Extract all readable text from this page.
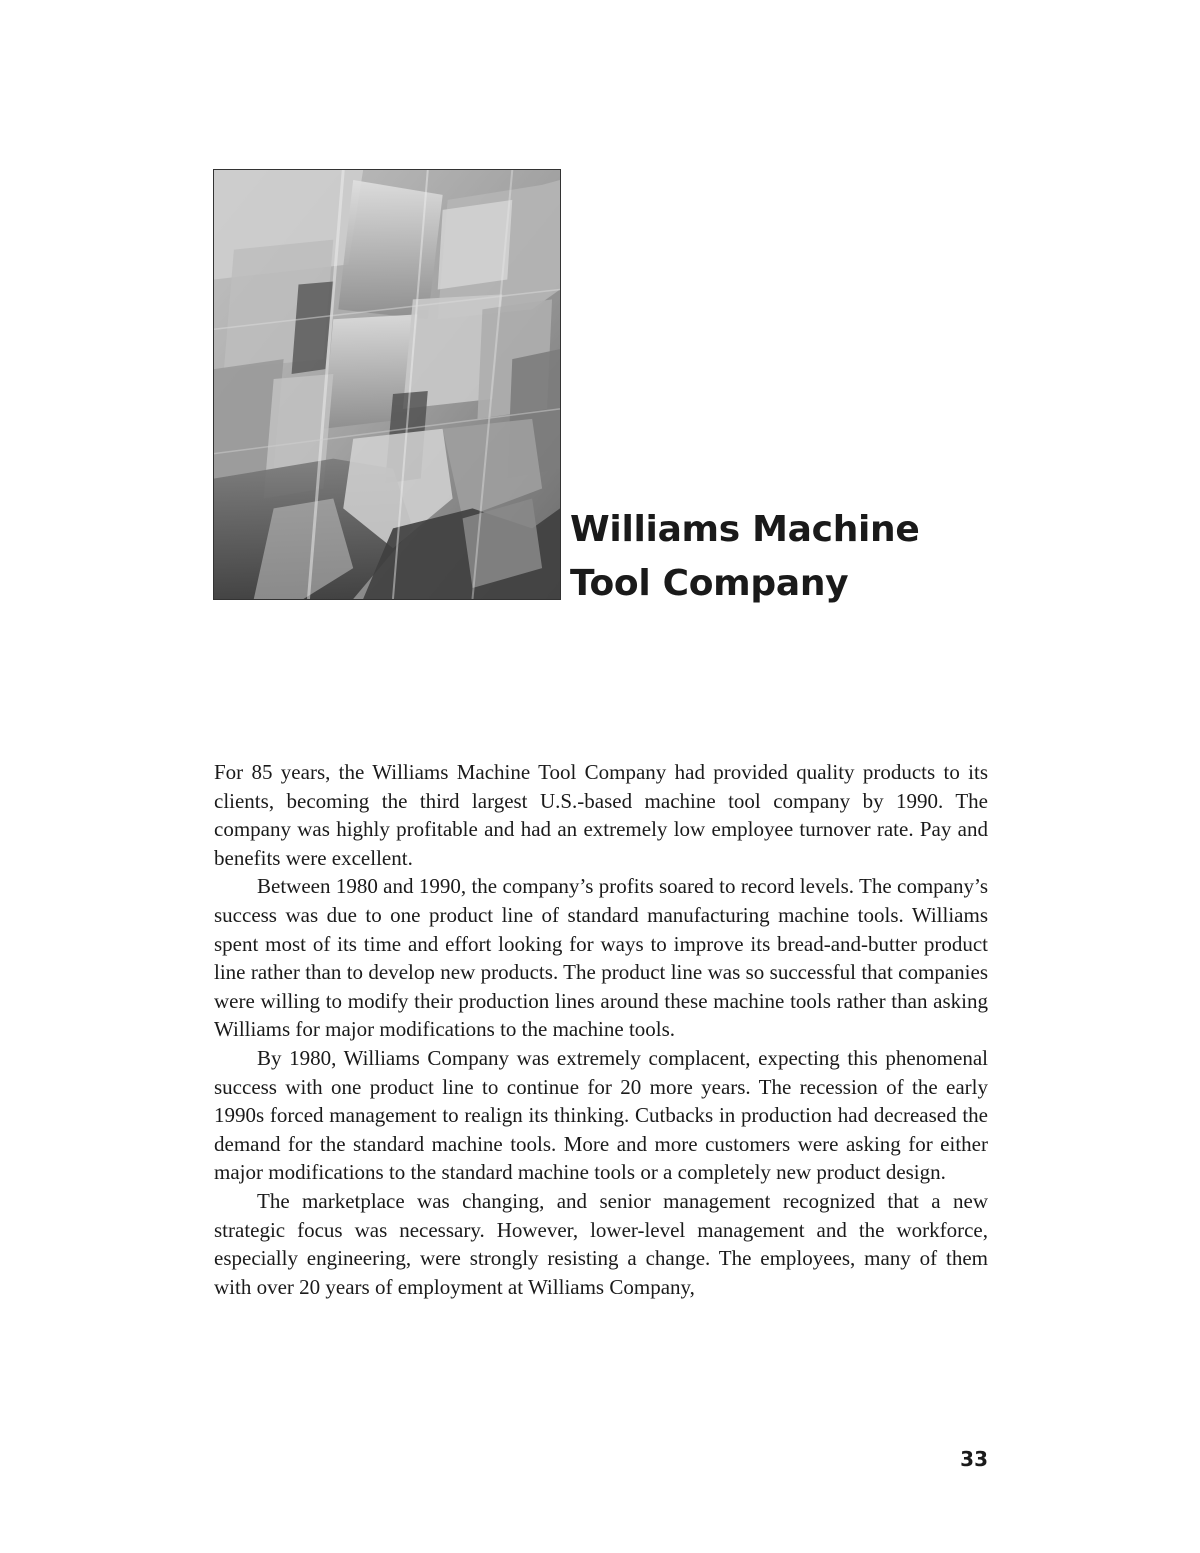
Williams Machine
Tool Company

For 85 years, the Williams Machine Tool Company had provided quality products to its clients, becoming the third largest U.S.-based machine tool company by 1990. The company was highly profitable and had an extremely low employee turnover rate. Pay and benefits were excellent.

Between 1980 and 1990, the company’s profits soared to record levels. The company’s success was due to one product line of standard manufacturing machine tools. Williams spent most of its time and effort looking for ways to improve its bread-and-butter product line rather than to develop new products. The product line was so successful that companies were willing to modify their production lines around these machine tools rather than asking Williams for major modifications to the machine tools.

By 1980, Williams Company was extremely complacent, expecting this phenomenal success with one product line to continue for 20 more years. The recession of the early 1990s forced management to realign its thinking. Cutbacks in production had decreased the demand for the standard machine tools. More and more customers were asking for either major modifications to the standard machine tools or a completely new product design.

The marketplace was changing, and senior management recognized that a new strategic focus was necessary. However, lower-level management and the workforce, especially engineering, were strongly resisting a change. The employees, many of them with over 20 years of employment at Williams Company,

33
